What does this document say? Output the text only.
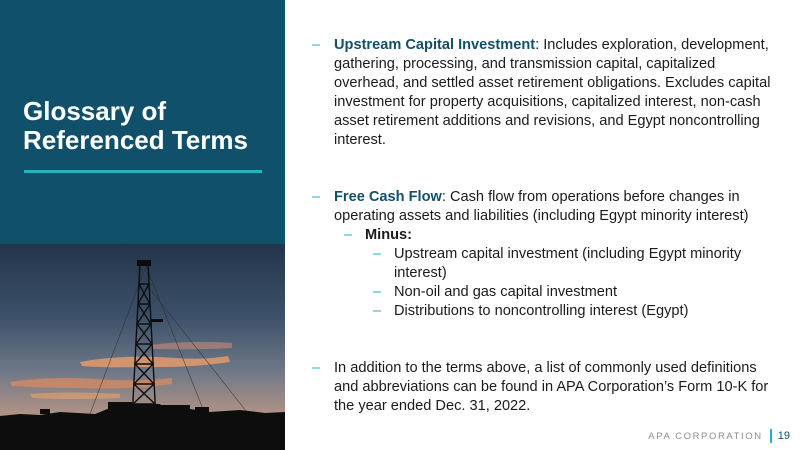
Glossary of
Referenced Terms
– Upstream Capital Investment: Includes exploration, development, gathering, processing, and transmission capital, capitalized overhead, and settled asset retirement obligations. Excludes capital investment for property acquisitions, capitalized interest, non-cash asset retirement additions and revisions, and Egypt noncontrolling interest.
– Free Cash Flow: Cash flow from operations before changes in operating assets and liabilities (including Egypt minority interest)
– Minus:
– Upstream capital investment (including Egypt minority interest)
– Non-oil and gas capital investment
– Distributions to noncontrolling interest (Egypt)
– In addition to the terms above, a list of commonly used definitions and abbreviations can be found in APA Corporation’s Form 10-K for the year ended Dec. 31, 2022.
APA CORPORATION 19
